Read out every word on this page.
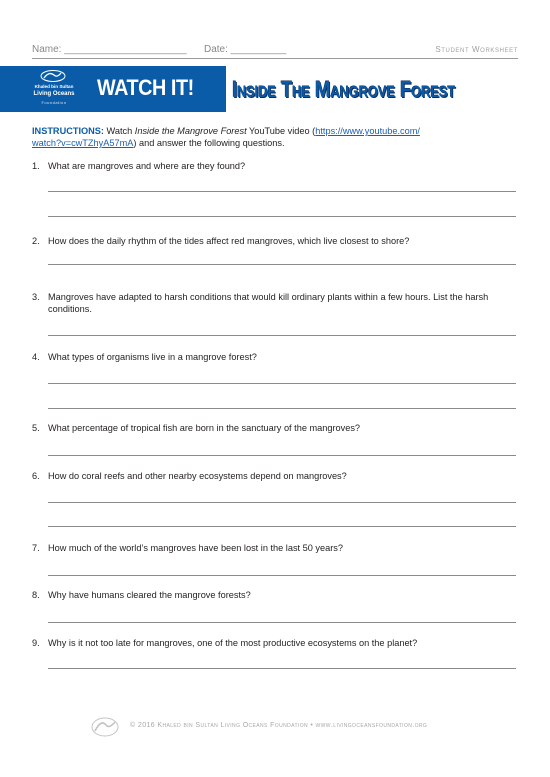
Name: ______________________ Date: __________	Student Worksheet
Khaled bin Sultan
Living Oceans
Foundation
WATCH IT! Inside The Mangrove Forest
INSTRUCTIONS: Watch Inside the Mangrove Forest YouTube video (https://www.youtube.com/
watch?v=cwTZhyA57mA) and answer the following questions.
1. What are mangroves and where are they found?
2. How does the daily rhythm of the tides affect red mangroves, which live closest to shore?
3. Mangroves have adapted to harsh conditions that would kill ordinary plants within a few hours. List the harsh conditions.
4. What types of organisms live in a mangrove forest?
5. What percentage of tropical fish are born in the sanctuary of the mangroves?
6. How do coral reefs and other nearby ecosystems depend on mangroves?
7. How much of the world’s mangroves have been lost in the last 50 years?
8. Why have humans cleared the mangrove forests?
9. Why is it not too late for mangroves, one of the most productive ecosystems on the planet?
© 2016 Khaled bin Sultan Living Oceans Foundation • www.livingoceansfoundation.org
